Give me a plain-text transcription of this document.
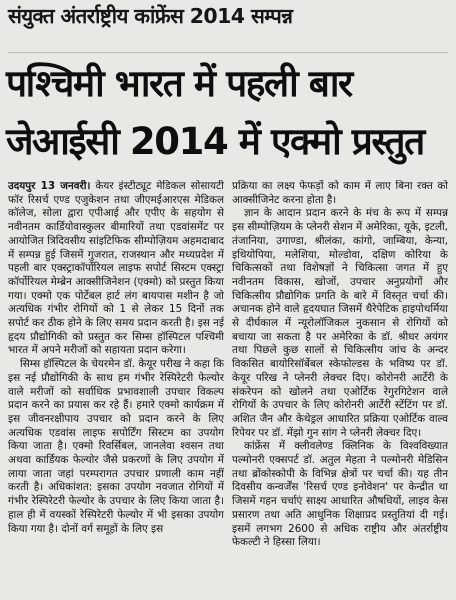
संयुक्त अंतर्राष्ट्रीय कांफ्रेंस 2014 सम्पन्न
पश्चिमी भारत में पहली बार
जेआईसी 2014 में एक्मो प्रस्तुत

उदयपुर 13 जनवरी। केयर इंस्टीट्यूट मेडिकल सोसायटी फॉर रिसर्च एण्ड एजुकेशन तथा जीएमईआरएस मेडिकल कॉलेज, सोला द्वारा एपीआई और एपीए के सहयोग से नवीनतम कार्डियोवास्कुलर बीमारियों तथा एडवांसमेंट पर आयोजित त्रिदिवसीय सांइटिफिक सीम्पोज़ियम अहमदाबाद में सम्पन्न हुई जिसमें गुजरात, राजस्थान और मध्यप्रदेश में पहली बार एक्स्ट्राकॉर्पोरियल लाइफ सपोर्ट सिस्टम एक्स्ट्रा कॉर्पोरियल मेम्ब्रेन आक्सीजिनेशन (एक्मो) को प्रस्तुत किया गया। एक्मो एक पोर्टेबल हार्ट लंग बायपास मशीन है जो अत्यधिक गंभीर रोगियों को 1 से लेकर 15 दिनों तक सपोर्ट कर ठीक होने के लिए समय प्रदान करती है। इस नई हृदय प्रौद्योगिकी को प्रस्तुत कर सिम्स हॉस्पिटल पश्चिमी भारत में अपने मरीजों को सहायता प्रदान करेगा।

सिम्स हॉस्पिटल के चेयरमेन डॉ. केयूर परीख ने कहा कि इस नई प्रौद्योगिकी के साथ हम गंभीर रेस्पिरेटरी फेल्योर वाले मरीजों को सर्वाधिक प्रभावशाली उपचार विकल्प प्रदान करने का प्रयास कर रहे हैं। हमारे एक्मो कार्यक्रम में इस जीवनरक्षीपाय उपचार को प्रदान करने के लिए अत्यधिक एडवांस लाइफ सपोर्टिंग सिस्टम का उपयोग किया जाता है। एक्मो रिवर्सिबल, जानलेवा श्वसन तथा अथवा कार्डियक फेल्योर जैसे प्रकरणों के लिए उपयोग में लाया जाता जहां परम्परागत उपचार प्रणाली काम नहीं करती है। अधिकांशत: इसका उपयोग नवजात रोगियों में गंभीर रेस्पिरेटरी फेल्योर के उपचार के लिए किया जाता है। हाल ही में वयस्कों रेस्पिरेटरी फेल्योर में भी इसका उपयोग किया गया है। दोनों वर्ग समूहों के लिए इस

प्रक्रिया का लक्ष्य फेफड़ों को काम में लाए बिना रक्त को आक्सीजिनेट करना होता है।

ज्ञान के आदान प्रदान करने के मंच के रूप में सम्पन्न इस सीम्पोज़ियम के प्लेनरी सेशन में अमेरिका, यूके, इटली, तंजानिया, उगाण्डा, श्रीलंका, कांगो, जाम्बिया, केन्या, इथियोपिया, मलेशिया, मोल्डोवा, दक्षिण कोरिया के चिकित्सकों तथा विशेषज्ञों ने चिकित्सा जगत में हुए नवीनतम विकास, खोजों, उपचार अनुप्रयोगों और चिकित्सीय प्रौद्योगिक प्रगति के बारे में विस्तृत चर्चा की। अचानक होने वाले हृदयघात जिसमें थैरेपेटिक हाइपोथर्मिया से दीर्घकाल में न्यूरोलॉजिकल नुकसान से रोगियों को बचाया जा सकता है पर अमेरिका के डॉ. श्रीधर अयंगर तथा पिछले कुछ सालों से चिकित्सीय जांच के अन्दर विकसित बायोरिसॉर्बेबल स्केफोल्डस के भविष्य पर डॉ. केयूर परिख ने प्लेनरी लेक्चर दिए। कोरोनरी आर्टेरी के संकरेपन को खोलने तथा एओर्टिक रेगुरगिटेशन वाले रोगियों के उपचार के लिए कोरोनरी आर्टेरी स्टेंटिंग पर डॉ. अशित जैन और केथेड्रल आधारित प्रक्रिया एओर्टिक वाल्व रिपेयर पर डॉ. मेंझो गुन सांग ने प्लेनरी लेक्चर दिए।

कांफ्रेंस में क्लीवलेण्ड क्लिनिक के विश्वविख्यात पल्मोनरी एक्सपर्ट डॉ. अतुल मेहता ने पल्मोनरी मेडिसिन तथा ब्रोंकोस्कोपी के विभिन्न क्षेत्रों पर चर्चा की। यह तीन दिवसीय कन्वर्जेंस 'रिसर्च एण्ड इनोवेशन' पर केन्द्रीत था जिसमें गहन चर्चाएं साक्ष्य आधारित औषधियों, लाइव केस प्रसारण तथा अति आधुनिक शिक्षाप्रद प्रस्तुतियां दी गई। इसमें लगभग 2600 से अधिक राष्ट्रीय और अंतर्राष्ट्रीय फेकल्टी ने हिस्सा लिया।
